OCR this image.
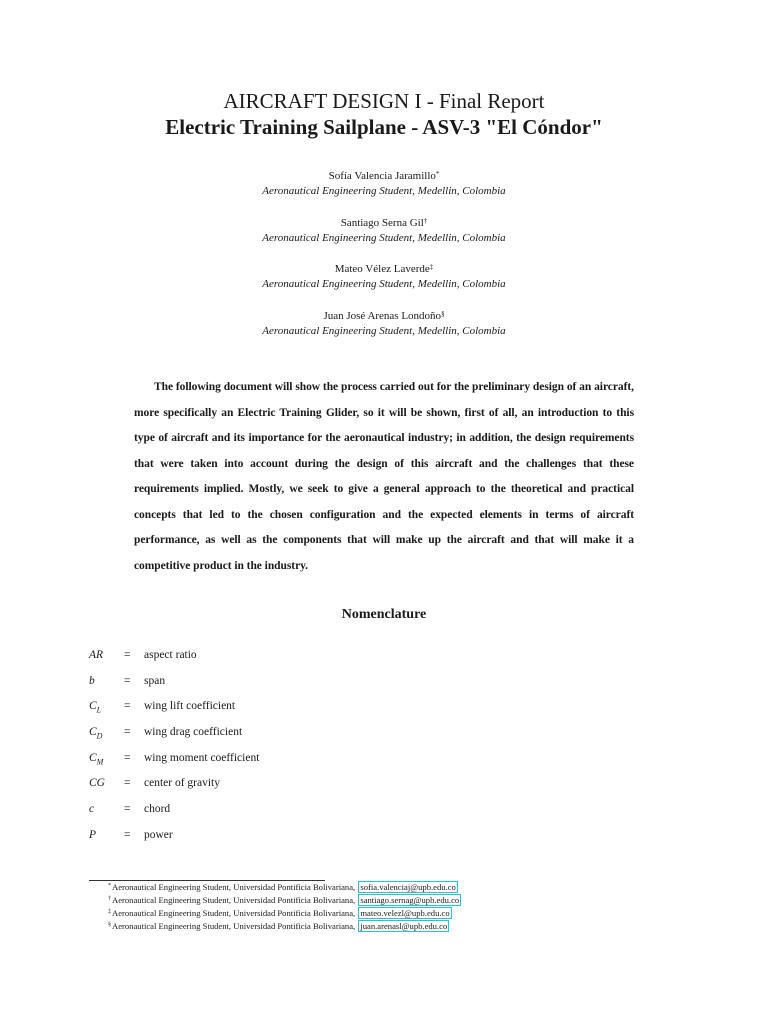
AIRCRAFT DESIGN I - Final Report
Electric Training Sailplane - ASV-3 "El Cóndor"
Sofía Valencia Jaramillo*
Aeronautical Engineering Student, Medellin, Colombia
Santiago Serna Gil†
Aeronautical Engineering Student, Medellin, Colombia
Mateo Vélez Laverde‡
Aeronautical Engineering Student, Medellin, Colombia
Juan José Arenas Londoño§
Aeronautical Engineering Student, Medellin, Colombia
The following document will show the process carried out for the preliminary design of an aircraft, more specifically an Electric Training Glider, so it will be shown, first of all, an introduction to this type of aircraft and its importance for the aeronautical industry; in addition, the design requirements that were taken into account during the design of this aircraft and the challenges that these requirements implied. Mostly, we seek to give a general approach to the theoretical and practical concepts that led to the chosen configuration and the expected elements in terms of aircraft performance, as well as the components that will make up the aircraft and that will make it a competitive product in the industry.
Nomenclature
AR = aspect ratio
b	= span
$C_L$ = wing lift coefficient
$C_D$ = wing drag coefficient
$C_M$ = wing moment coefficient
CG = center of gravity
c	= chord
P = power
*Aeronautical Engineering Student, Universidad Pontificia Bolivariana, sofia.valenciaj@upb.edu.co
†Aeronautical Engineering Student, Universidad Pontificia Bolivariana, santiago.sernag@upb.edu.co
‡Aeronautical Engineering Student, Universidad Pontificia Bolivariana, mateo.velezl@upb.edu.co
§Aeronautical Engineering Student, Universidad Pontificia Bolivariana, juan.arenasl@upb.edu.co
